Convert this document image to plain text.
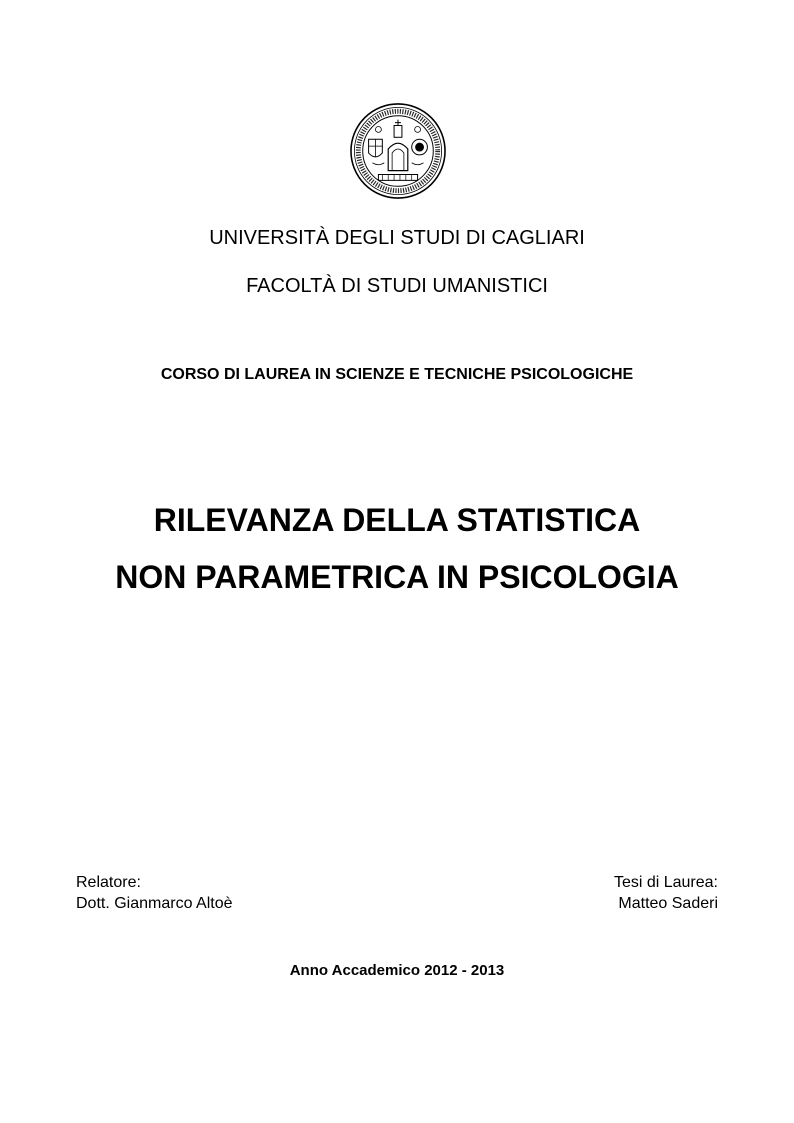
UNIVERSITÀ DEGLI STUDI DI CAGLIARI
FACOLTÀ DI STUDI UMANISTICI
CORSO DI LAUREA IN SCIENZE E TECNICHE PSICOLOGICHE
RILEVANZA DELLA STATISTICA
NON PARAMETRICA IN PSICOLOGIA
Relatore:
Dott. Gianmarco Altoè
Tesi di Laurea:
Matteo Saderi
Anno Accademico 2012 - 2013
